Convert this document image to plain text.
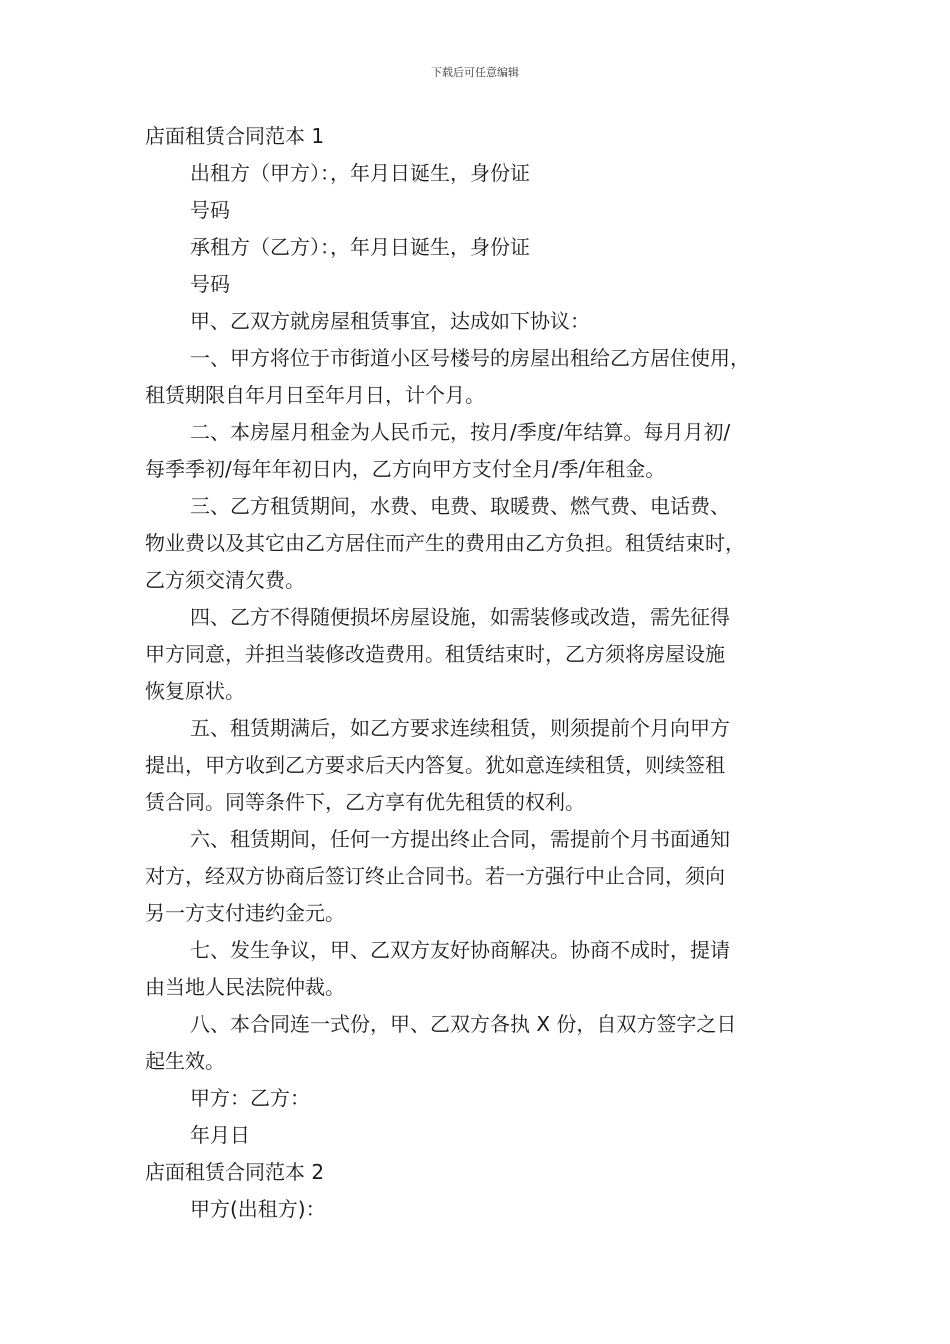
下载后可任意编辑
店面租赁合同范本 1
出租方（甲方）：，年月日诞生，身份证
号码
承租方（乙方）：，年月日诞生，身份证
号码
甲、乙双方就房屋租赁事宜，达成如下协议：
一、甲方将位于市街道小区号楼号的房屋出租给乙方居住使用，
租赁期限自年月日至年月日，计个月。
二、本房屋月租金为人民币元，按月/季度/年结算。每月月初/
每季季初/每年年初日内，乙方向甲方支付全月/季/年租金。
三、乙方租赁期间，水费、电费、取暖费、燃气费、电话费、
物业费以及其它由乙方居住而产生的费用由乙方负担。租赁结束时，
乙方须交清欠费。
四、乙方不得随便损坏房屋设施，如需装修或改造，需先征得
甲方同意，并担当装修改造费用。租赁结束时，乙方须将房屋设施
恢复原状。
五、租赁期满后，如乙方要求连续租赁，则须提前个月向甲方
提出，甲方收到乙方要求后天内答复。犹如意连续租赁，则续签租
赁合同。同等条件下，乙方享有优先租赁的权利。
六、租赁期间，任何一方提出终止合同，需提前个月书面通知
对方，经双方协商后签订终止合同书。若一方强行中止合同，须向
另一方支付违约金元。
七、发生争议，甲、乙双方友好协商解决。协商不成时，提请
由当地人民法院仲裁。
八、本合同连一式份，甲、乙双方各执 X 份，自双方签字之日
起生效。
甲方：乙方：
年月日
店面租赁合同范本 2
甲方(出租方)：
